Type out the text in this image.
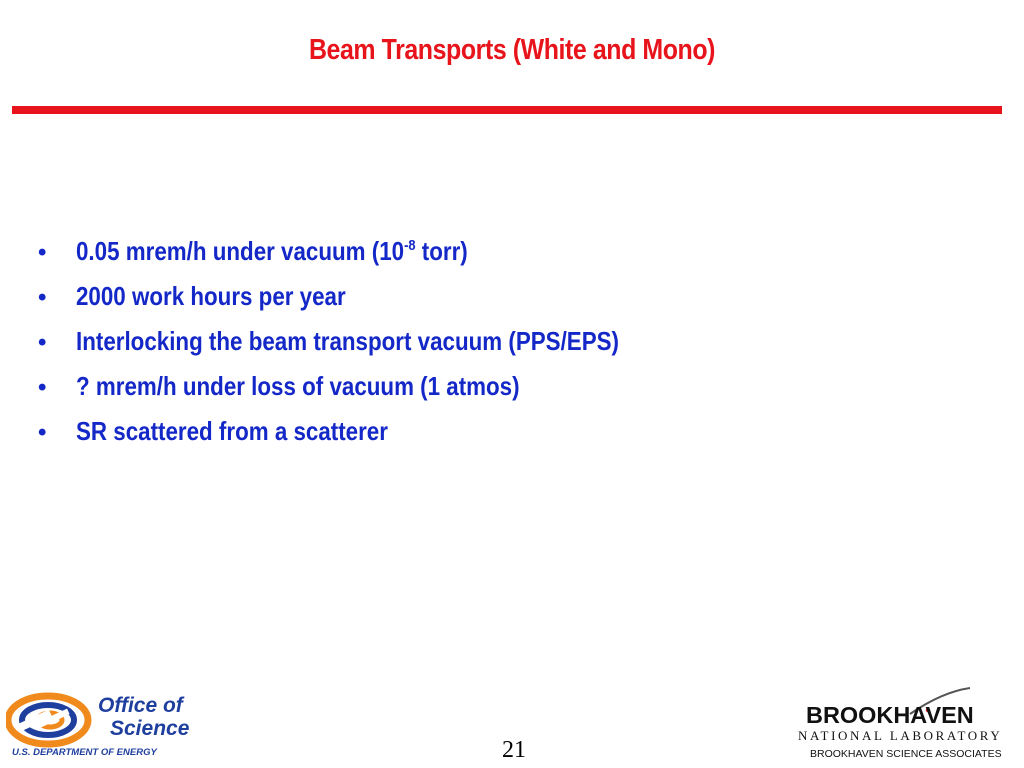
Beam Transports (White and Mono)
•	0.05 mrem/h under vacuum ($10^{-8}$ torr)
•	2000 work hours per year
•	Interlocking the beam transport vacuum (PPS/EPS)
•	? mrem/h under loss of vacuum (1 atmos)
•	SR scattered from a scatterer
Office of
Science
U.S. DEPARTMENT OF ENERGY	21
BROOKHAVEN
NATIONAL LABORATORY
BROOKHAVEN SCIENCE ASSOCIATES
